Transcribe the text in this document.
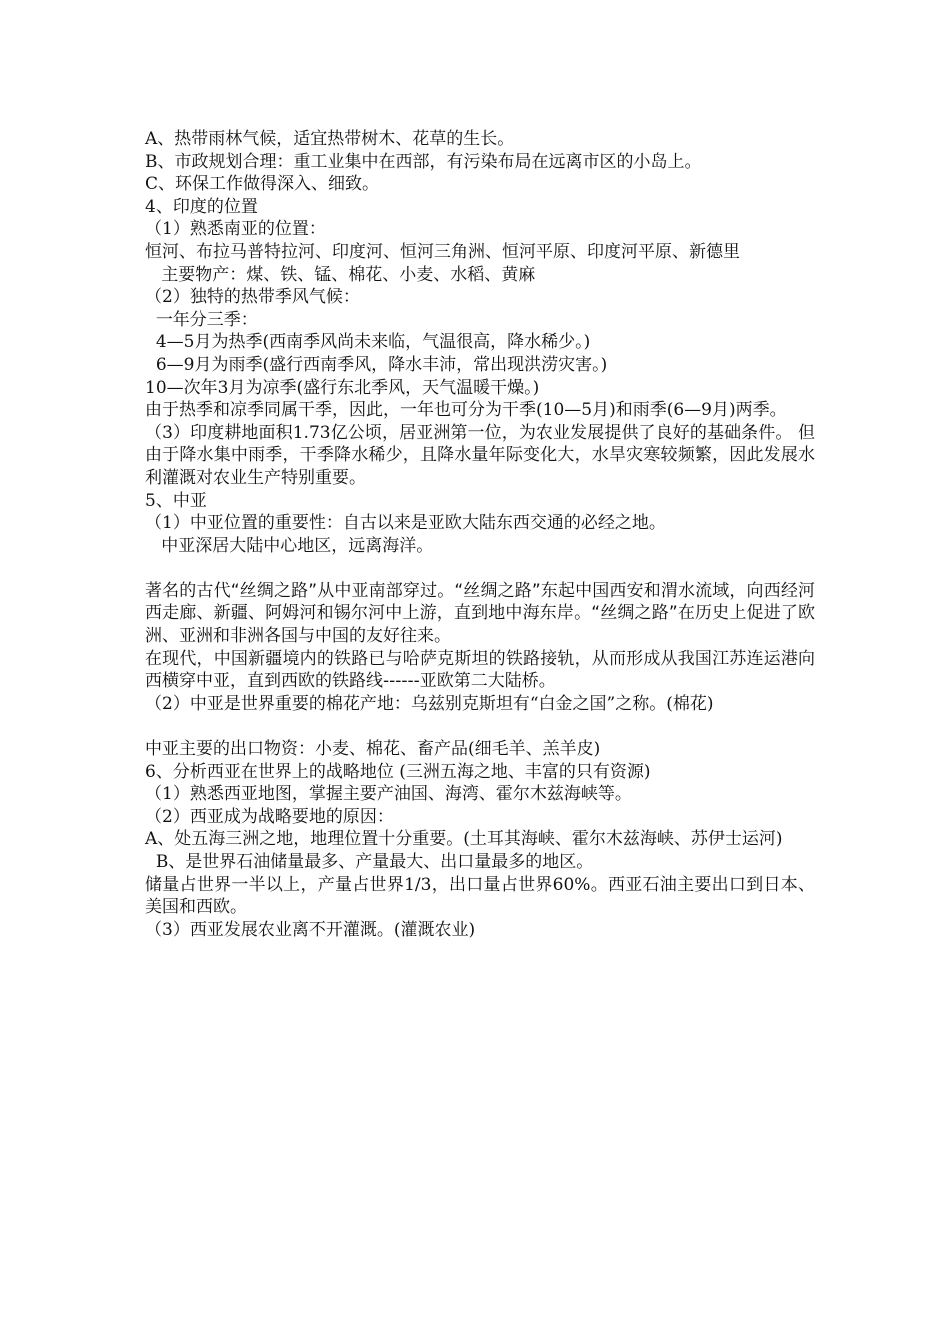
A、热带雨林气候，适宜热带树木、花草的生长。

B、市政规划合理：重工业集中在西部，有污染布局在远离市区的小岛上。

C、环保工作做得深入、细致。

4、印度的位置

（1）熟悉南亚的位置：

恒河、布拉马普特拉河、印度河、恒河三角洲、恒河平原、印度河平原、新德里

主要物产：煤、铁、锰、棉花、小麦、水稻、黄麻

（2）独特的热带季风气候：

一年分三季：

4—5月为热季(西南季风尚未来临，气温很高，降水稀少。)

6—9月为雨季(盛行西南季风，降水丰沛，常出现洪涝灾害。)

10—次年3月为凉季(盛行东北季风，天气温暖干燥。)

由于热季和凉季同属干季，因此，一年也可分为干季(10—5月)和雨季(6—9月)两季。

（3）印度耕地面积1.73亿公顷，居亚洲第一位，为农业发展提供了良好的基础条件。 但由于降水集中雨季，干季降水稀少，且降水量年际变化大，水旱灾寒较频繁，因此发展水利灌溉对农业生产特别重要。

5、中亚

（1）中亚位置的重要性：自古以来是亚欧大陆东西交通的必经之地。

中亚深居大陆中心地区，远离海洋。

著名的古代“丝绸之路”从中亚南部穿过。“丝绸之路”东起中国西安和渭水流域，向西经河西走廊、新疆、阿姆河和锡尔河中上游，直到地中海东岸。“丝绸之路”在历史上促进了欧洲、亚洲和非洲各国与中国的友好往来。

在现代，中国新疆境内的铁路已与哈萨克斯坦的铁路接轨，从而形成从我国江苏连运港向西横穿中亚，直到西欧的铁路线------亚欧第二大陆桥。

（2）中亚是世界重要的棉花产地：乌兹别克斯坦有“白金之国”之称。(棉花)

中亚主要的出口物资：小麦、棉花、畜产品(细毛羊、羔羊皮)

6、分析西亚在世界上的战略地位 (三洲五海之地、丰富的只有资源)

（1）熟悉西亚地图，掌握主要产油国、海湾、霍尔木兹海峡等。

（2）西亚成为战略要地的原因：

A、处五海三洲之地，地理位置十分重要。(土耳其海峡、霍尔木兹海峡、苏伊士运河)

B、是世界石油储量最多、产量最大、出口量最多的地区。

储量占世界一半以上，产量占世界1/3，出口量占世界60%。西亚石油主要出口到日本、美国和西欧。

（3）西亚发展农业离不开灌溉。(灌溉农业)
